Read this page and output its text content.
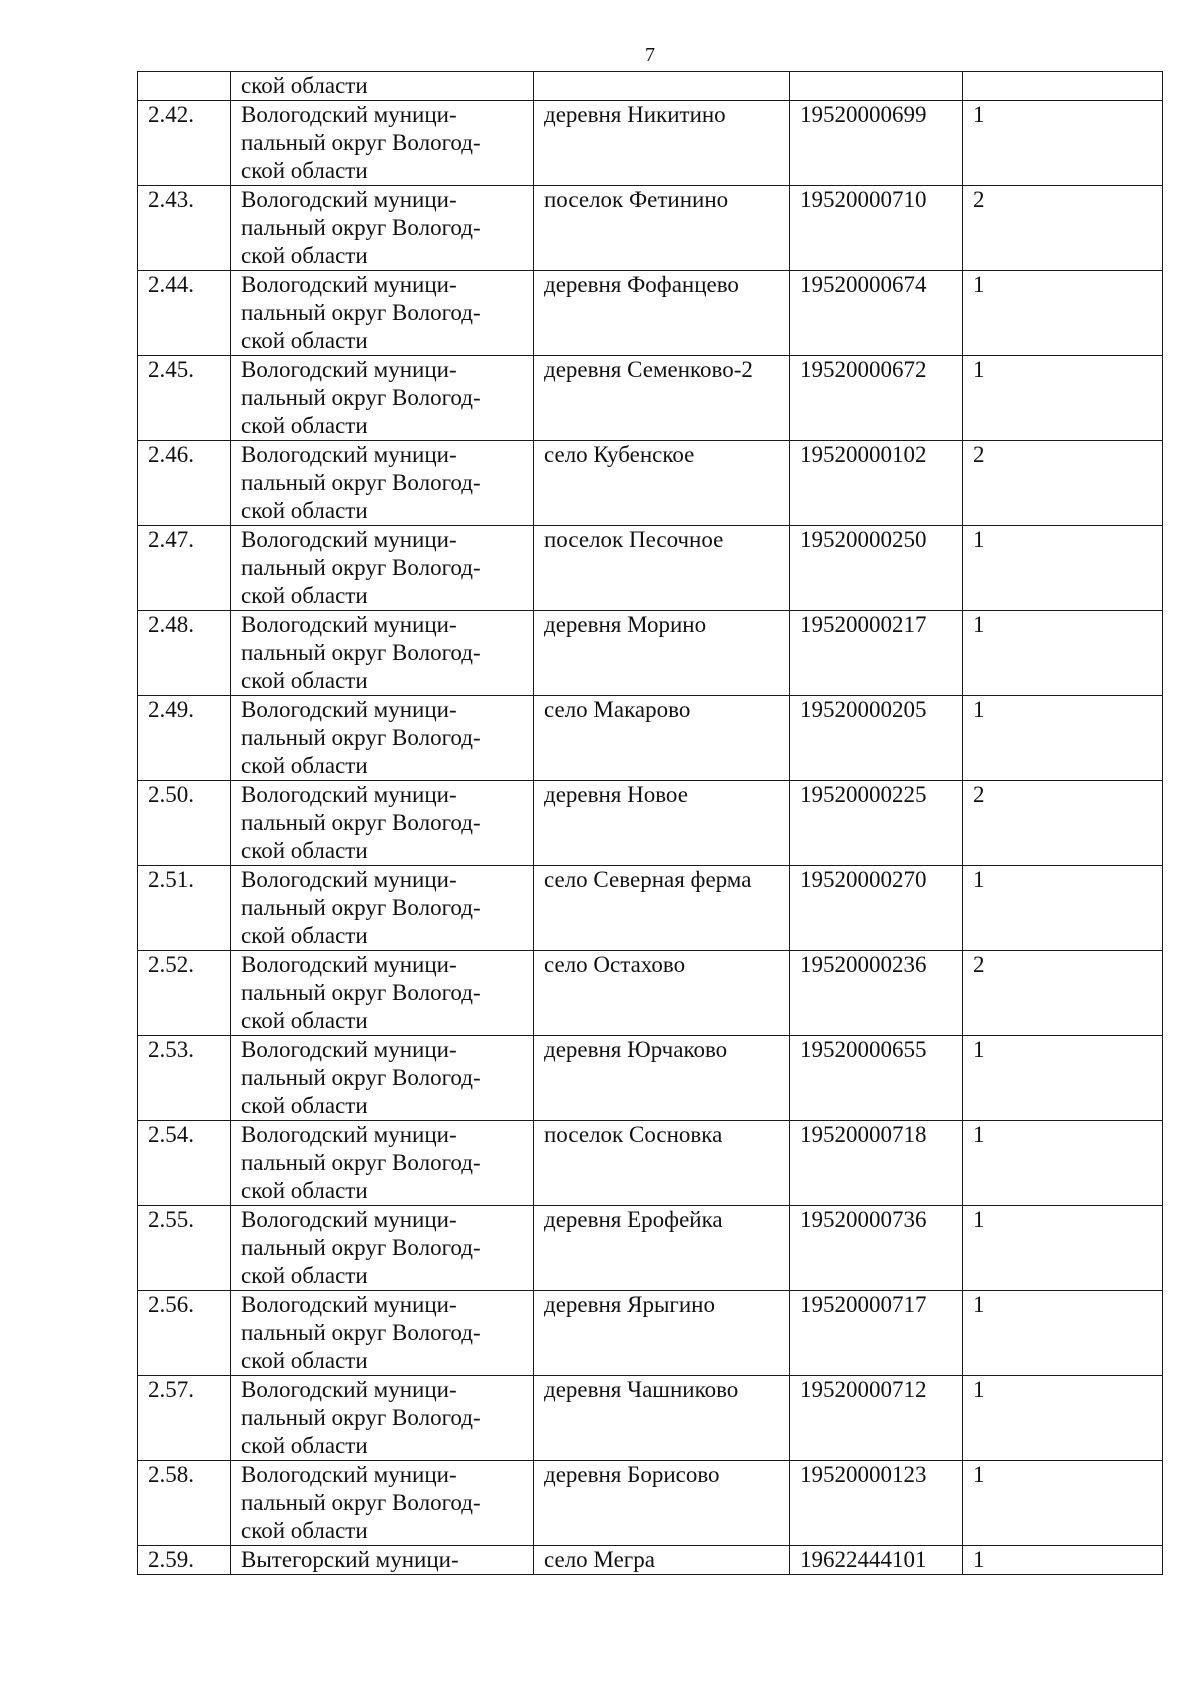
7
	ской области			
2.42.	Вологодский муници-
пальный округ Вологод-
ской области	деревня Никитино	19520000699	1
2.43.	Вологодский муници-
пальный округ Вологод-
ской области	поселок Фетинино	19520000710	2
2.44.	Вологодский муници-
пальный округ Вологод-
ской области	деревня Фофанцево	19520000674	1
2.45.	Вологодский муници-
пальный округ Вологод-
ской области	деревня Семенково-2	19520000672	1
2.46.	Вологодский муници-
пальный округ Вологод-
ской области	село Кубенское	19520000102	2
2.47.	Вологодский муници-
пальный округ Вологод-
ской области	поселок Песочное	19520000250	1
2.48.	Вологодский муници-
пальный округ Вологод-
ской области	деревня Морино	19520000217	1
2.49.	Вологодский муници-
пальный округ Вологод-
ской области	село Макарово	19520000205	1
2.50.	Вологодский муници-
пальный округ Вологод-
ской области	деревня Новое	19520000225	2
2.51.	Вологодский муници-
пальный округ Вологод-
ской области	село Северная ферма	19520000270	1
2.52.	Вологодский муници-
пальный округ Вологод-
ской области	село Остахово	19520000236	2
2.53.	Вологодский муници-
пальный округ Вологод-
ской области	деревня Юрчаково	19520000655	1
2.54.	Вологодский муници-
пальный округ Вологод-
ской области	поселок Сосновка	19520000718	1
2.55.	Вологодский муници-
пальный округ Вологод-
ской области	деревня Ерофейка	19520000736	1
2.56.	Вологодский муници-
пальный округ Вологод-
ской области	деревня Ярыгино	19520000717	1
2.57.	Вологодский муници-
пальный округ Вологод-
ской области	деревня Чашниково	19520000712	1
2.58.	Вологодский муници-
пальный округ Вологод-
ской области	деревня Борисово	19520000123	1
2.59.	Вытегорский муници-	село Мегра	19622444101	1
